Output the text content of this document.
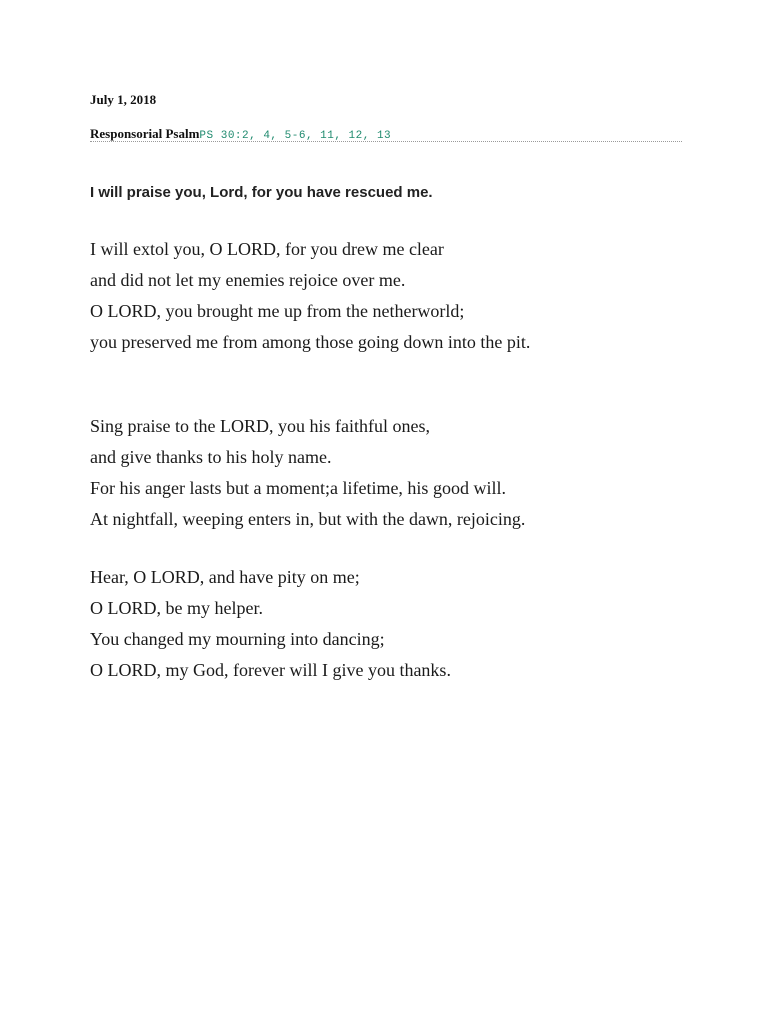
July 1, 2018
Responsorial PsalmPS 30:2, 4, 5-6, 11, 12, 13
I will praise you, Lord, for you have rescued me.
I will extol you, O LORD, for you drew me clear
and did not let my enemies rejoice over me.
O LORD, you brought me up from the netherworld;
you preserved me from among those going down into the pit.
Sing praise to the LORD, you his faithful ones,
and give thanks to his holy name.
For his anger lasts but a moment;a lifetime, his good will.
At nightfall, weeping enters in, but with the dawn, rejoicing.
Hear, O LORD, and have pity on me;
O LORD, be my helper.
You changed my mourning into dancing;
O LORD, my God, forever will I give you thanks.
